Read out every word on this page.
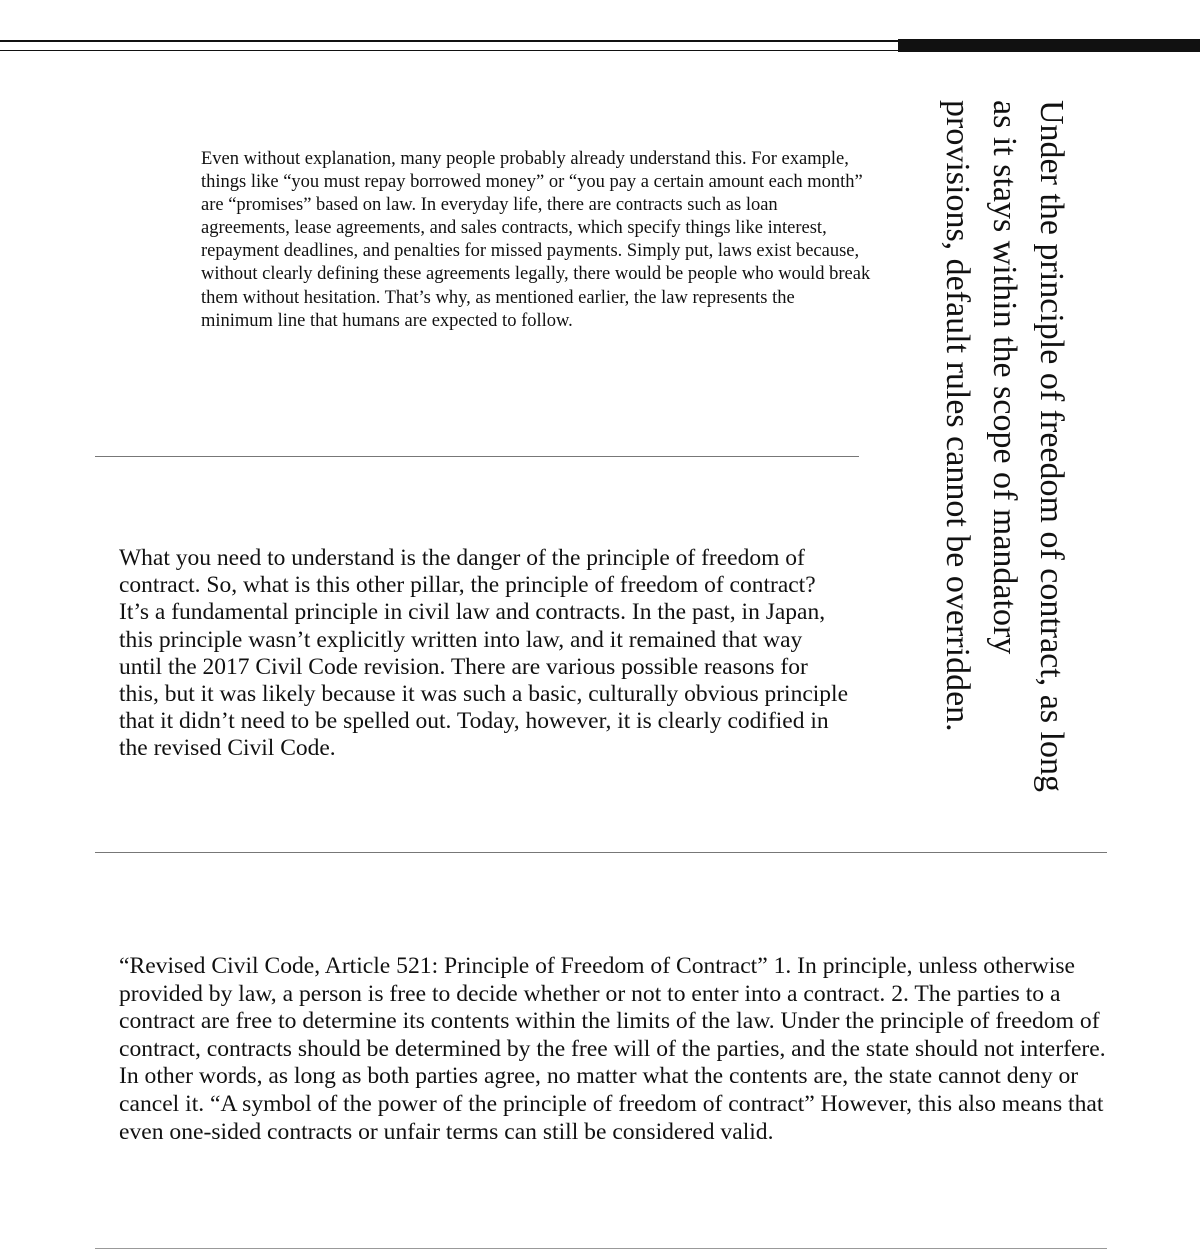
Even without explanation, many people probably already understand this. For example, things like “you must repay borrowed money” or “you pay a certain amount each month” are “promises” based on law. In everyday life, there are contracts such as loan agreements, lease agreements, and sales contracts, which specify things like interest, repayment deadlines, and penalties for missed payments. Simply put, laws exist because, without clearly defining these agreements legally, there would be people who would break them without hesitation. That’s why, as mentioned earlier, the law represents the minimum line that humans are expected to follow.

What you need to understand is the danger of the principle of freedom of contract. So, what is this other pillar, the principle of freedom of contract? It’s a fundamental principle in civil law and contracts. In the past, in Japan, this principle wasn’t explicitly written into law, and it remained that way until the 2017 Civil Code revision. There are various possible reasons for this, but it was likely because it was such a basic, culturally obvious principle that it didn’t need to be spelled out. Today, however, it is clearly codified in the revised Civil Code.

“Revised Civil Code, Article 521: Principle of Freedom of Contract” 1. In principle, unless otherwise provided by law, a person is free to decide whether or not to enter into a contract. 2. The parties to a contract are free to determine its contents within the limits of the law. Under the principle of freedom of contract, contracts should be determined by the free will of the parties, and the state should not interfere. In other words, as long as both parties agree, no matter what the contents are, the state cannot deny or cancel it. “A symbol of the power of the principle of freedom of contract” However, this also means that even one-sided contracts or unfair terms can still be considered valid.

Under the principle of freedom of contract, as long as it stays within the scope of mandatory provisions, default rules cannot be overridden.
